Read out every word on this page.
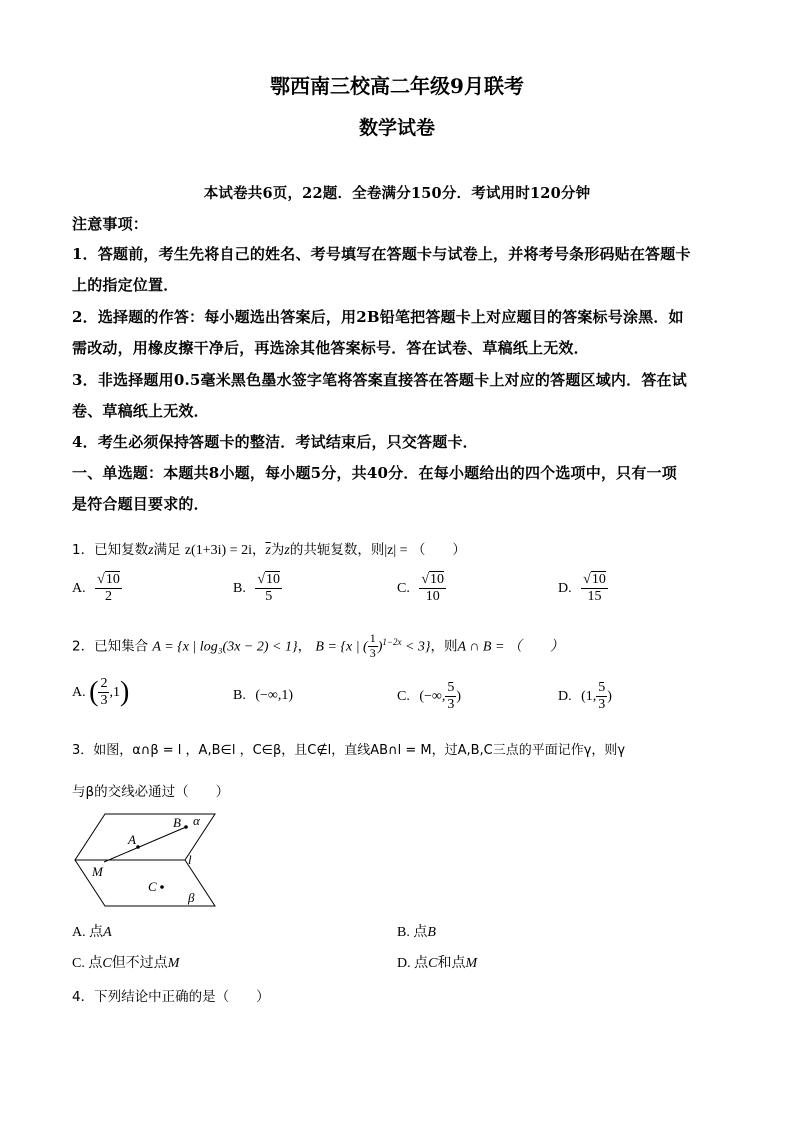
鄂西南三校高二年级9月联考
数学试卷
本试卷共6页，22题．全卷满分150分．考试用时120分钟
注意事项：
1．答题前，考生先将自己的姓名、考号填写在答题卡与试卷上，并将考号条形码贴在答题卡
上的指定位置．
2．选择题的作答：每小题选出答案后，用2B铅笔把答题卡上对应题目的答案标号涂黑．如
需改动，用橡皮擦干净后，再选涂其他答案标号．答在试卷、草稿纸上无效．
3．非选择题用0.5毫米黑色墨水签字笔将答案直接答在答题卡上对应的答题区域内．答在试
卷、草稿纸上无效．
4．考生必须保持答题卡的整洁．考试结束后，只交答题卡．
一、单选题：本题共8小题，每小题5分，共40分．在每小题给出的四个选项中，只有一项
是符合题目要求的．
1．已知复数z满足 z(1+3i) = 2i，$\overline{z}$为z的共轭复数，则|z| = （　　）
A. $\frac{√10}{2}$	B. $\frac{√10}{5}$	C. $\frac{√10}{10}$	D. $\frac{√10}{15}$
2．已知集合 A = {x | log₃(3x − 2) < 1}， B = {x | ( $\frac{1}{3} )^{1-2x} < 3$}，则A ∩ B = （　　）
A. ( $\frac{2}{3} ,1$)	B. (−∞,1)	C. (−∞, $\frac{5}{3}$ )	D. (1, $\frac{5}{3}$ )
3．如图，α∩β = l ，A,B∈l ，C∈β，且C∉l，直线AB∩l = M，过A,B,C三点的平面记作γ，则γ
与β的交线必通过（　　）
α
B
A
l
M
C
β
A. 点A	B. 点B
C. 点C但不过点M	D. 点C和点M
4．下列结论中正确的是（　　）
